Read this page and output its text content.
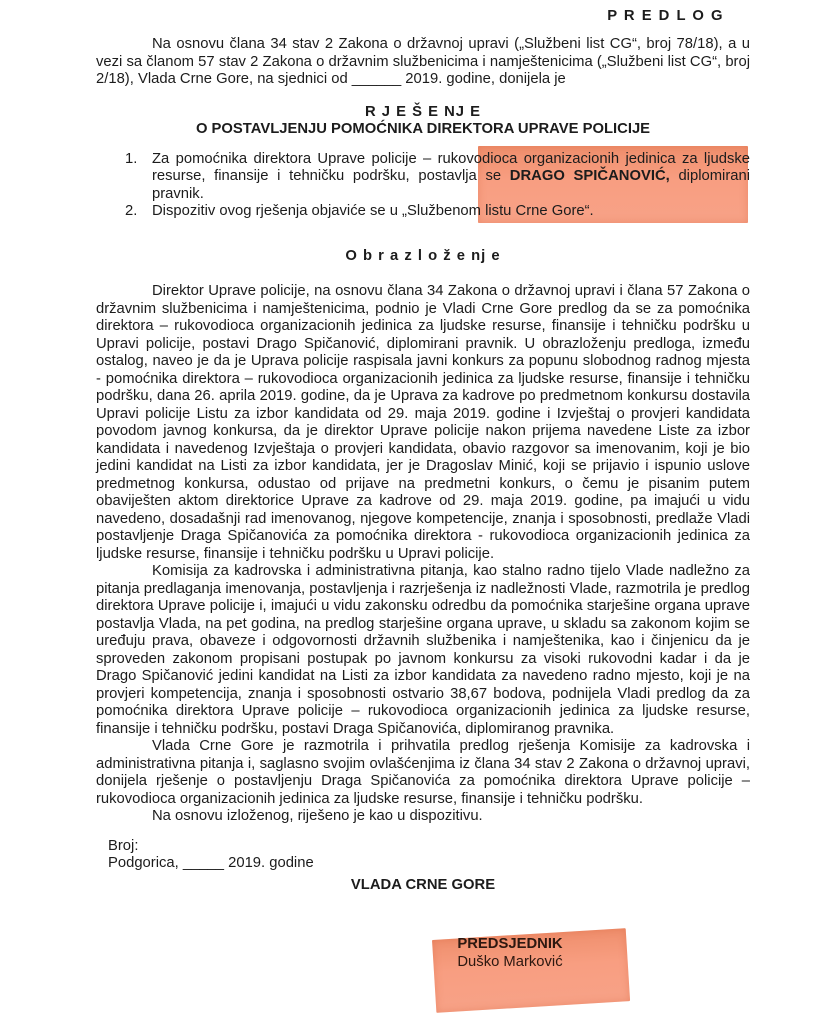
P R E D L O G

Na osnovu člana 34 stav 2 Zakona o državnoj upravi („Službeni list CG“, broj 78/18), a u vezi sa članom 57 stav 2 Zakona o državnim službenicima i namještenicima („Službeni list CG“, broj 2/18), Vlada Crne Gore, na sjednici od ______ 2019. godine, donijela je

R J E Š E NJ E
O POSTAVLJENJU POMOĆNIKA DIREKTORA UPRAVE POLICIJE
1. Za pomoćnika direktora Uprave policije – rukovodioca organizacionih jedinica za ljudske resurse, finansije i tehničku podršku, postavlja se DRAGO SPIČANOVIĆ, diplomirani pravnik.
2. Dispozitiv ovog rješenja objaviće se u „Službenom listu Crne Gore“.
O b r a z l o ž e nj e

Direktor Uprave policije, na osnovu člana 34 Zakona o državnoj upravi i člana 57 Zakona o državnim službenicima i namještenicima, podnio je Vladi Crne Gore predlog da se za pomoćnika direktora – rukovodioca organizacionih jedinica za ljudske resurse, finansije i tehničku podršku u Upravi policije, postavi Drago Spičanović, diplomirani pravnik. U obrazloženju predloga, između ostalog, naveo je da je Uprava policije raspisala javni konkurs za popunu slobodnog radnog mjesta - pomoćnika direktora – rukovodioca organizacionih jedinica za ljudske resurse, finansije i tehničku podršku, dana 26. aprila 2019. godine, da je Uprava za kadrove po predmetnom konkursu dostavila Upravi policije Listu za izbor kandidata od 29. maja 2019. godine i Izvještaj o provjeri kandidata povodom javnog konkursa, da je direktor Uprave policije nakon prijema navedene Liste za izbor kandidata i navedenog Izvještaja o provjeri kandidata, obavio razgovor sa imenovanim, koji je bio jedini kandidat na Listi za izbor kandidata, jer je Dragoslav Minić, koji se prijavio i ispunio uslove predmetnog konkursa, odustao od prijave na predmetni konkurs, o čemu je pisanim putem obaviješten aktom direktorice Uprave za kadrove od 29. maja 2019. godine, pa imajući u vidu navedeno, dosadašnji rad imenovanog, njegove kompetencije, znanja i sposobnosti, predlaže Vladi postavljenje Draga Spičanovića za pomoćnika direktora - rukovodioca organizacionih jedinica za ljudske resurse, finansije i tehničku podršku u Upravi policije.

Komisija za kadrovska i administrativna pitanja, kao stalno radno tijelo Vlade nadležno za pitanja predlaganja imenovanja, postavljenja i razrješenja iz nadležnosti Vlade, razmotrila je predlog direktora Uprave policije i, imajući u vidu zakonsku odredbu da pomoćnika starješine organa uprave postavlja Vlada, na pet godina, na predlog starješine organa uprave, u skladu sa zakonom kojim se uređuju prava, obaveze i odgovornosti državnih službenika i namještenika, kao i činjenicu da je sproveden zakonom propisani postupak po javnom konkursu za visoki rukovodni kadar i da je Drago Spičanović jedini kandidat na Listi za izbor kandidata za navedeno radno mjesto, koji je na provjeri kompetencija, znanja i sposobnosti ostvario 38,67 bodova, podnijela Vladi predlog da za pomoćnika direktora Uprave policije – rukovodioca organizacionih jedinica za ljudske resurse, finansije i tehničku podršku, postavi Draga Spičanovića, diplomiranog pravnika.

Vlada Crne Gore je razmotrila i prihvatila predlog rješenja Komisije za kadrovska i administrativna pitanja i, saglasno svojim ovlašćenjima iz člana 34 stav 2 Zakona o državnoj upravi, donijela rješenje o postavljenju Draga Spičanovića za pomoćnika direktora Uprave policije – rukovodioca organizacionih jedinica za ljudske resurse, finansije i tehničku podršku.

Na osnovu izloženog, riješeno je kao u dispozitivu.

Broj:

Podgorica, _____ 2019. godine

VLADA CRNE GORE
PREDSJEDNIK
Duško Marković
